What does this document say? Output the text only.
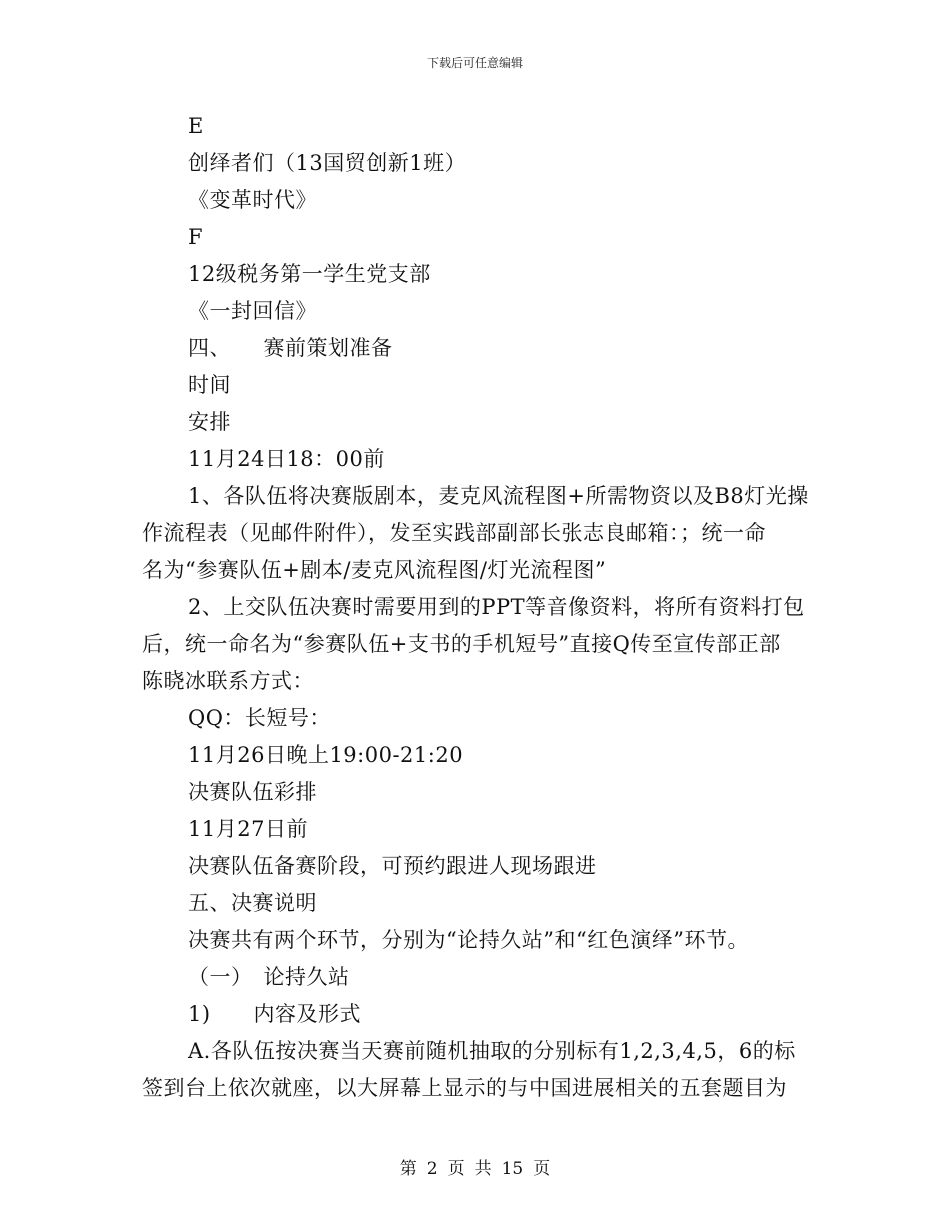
下载后可任意编辑
E
创绎者们（13国贸创新1班）
《变革时代》
F
12级税务第一学生党支部
《一封回信》
四、　　赛前策划准备
时间
安排
11月24日18：00前
1、各队伍将决赛版剧本，麦克风流程图+所需物资以及B8灯光操
作流程表（见邮件附件），发至实践部副部长张志良邮箱：；统一命
名为“参赛队伍+剧本/麦克风流程图/灯光流程图”
2、上交队伍决赛时需要用到的PPT等音像资料，将所有资料打包
后，统一命名为“参赛队伍+支书的手机短号”直接Q传至宣传部正部
陈晓冰联系方式：
QQ：长短号：
11月26日晚上19:00-21:20
决赛队伍彩排
11月27日前
决赛队伍备赛阶段，可预约跟进人现场跟进
五、决赛说明
决赛共有两个环节，分别为“论持久站”和“红色演绎”环节。
（一）　论持久站
1)　　内容及形式
A.各队伍按决赛当天赛前随机抽取的分别标有1,2,3,4,5，6的标
签到台上依次就座，以大屏幕上显示的与中国进展相关的五套题目为
第 2 页 共 15 页
